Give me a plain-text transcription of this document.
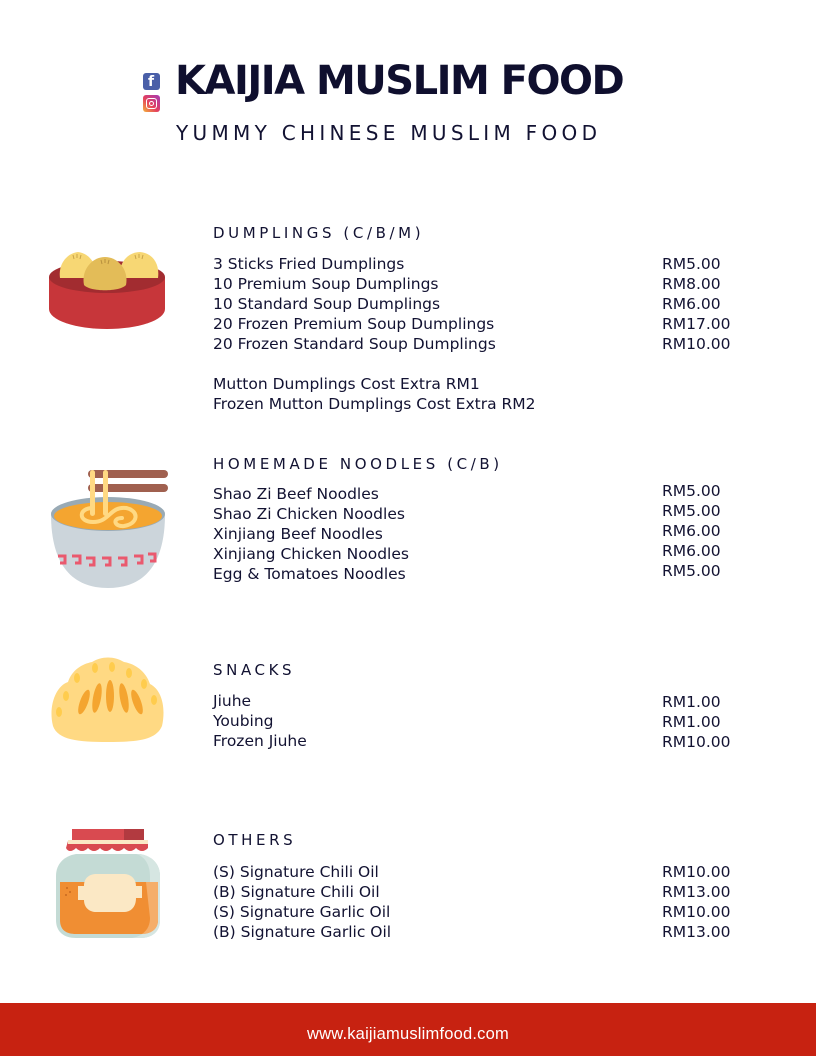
f KAIJIA MUSLIM FOOD
YUMMY CHINESE MUSLIM FOOD
DUMPLINGS (C/B/M)
3 Sticks Fried Dumplings	RM5.00
10 Premium Soup Dumplings	RM8.00
10 Standard Soup Dumplings	RM6.00
20 Frozen Premium Soup Dumplings	RM17.00
20 Frozen Standard Soup Dumplings	RM10.00
Mutton Dumplings Cost Extra RM1
Frozen Mutton Dumplings Cost Extra RM2
HOMEMADE NOODLES (C/B)
Shao Zi Beef Noodles	RM5.00
Shao Zi Chicken Noodles	RM5.00
Xinjiang Beef Noodles	RM6.00
Xinjiang Chicken Noodles	RM6.00
Egg & Tomatoes Noodles	RM5.00
SNACKS
Jiuhe	RM1.00
Youbing	RM1.00
Frozen Jiuhe	RM10.00
OTHERS
(S) Signature Chili Oil	RM10.00
(B) Signature Chili Oil	RM13.00
(S) Signature Garlic Oil	RM10.00
(B) Signature Garlic Oil	RM13.00
www.kaijiamuslimfood.com
